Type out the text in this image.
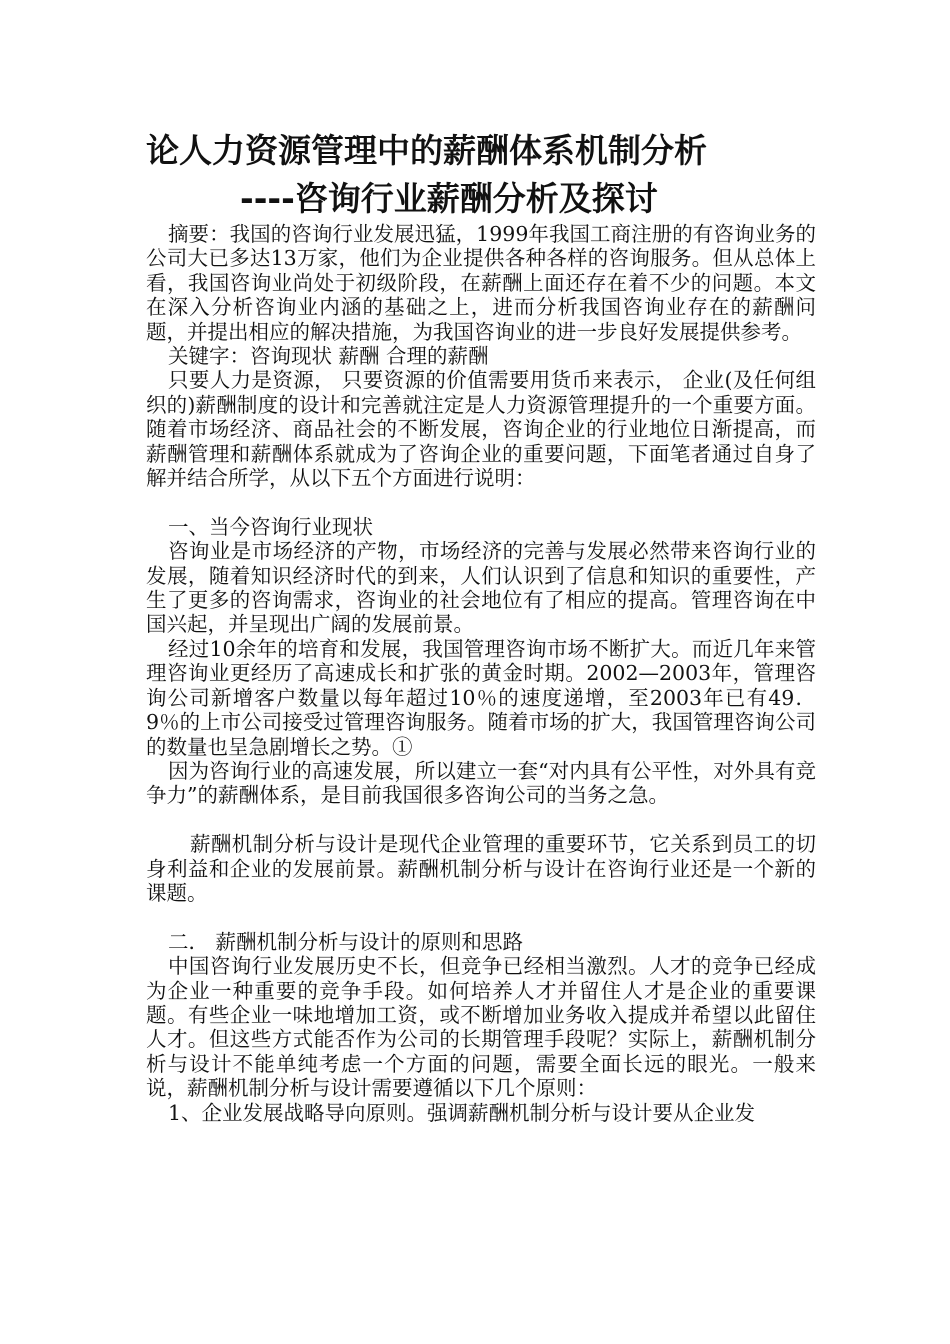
论人力资源管理中的薪酬体系机制分析
----咨询行业薪酬分析及探讨

摘要：我国的咨询行业发展迅猛，1999年我国工商注册的有咨询业务的公司大已多达13万家，他们为企业提供各种各样的咨询服务。但从总体上看，我国咨询业尚处于初级阶段，在薪酬上面还存在着不少的问题。本文在深入分析咨询业内涵的基础之上，进而分析我国咨询业存在的薪酬问题，并提出相应的解决措施，为我国咨询业的进一步良好发展提供参考。

关键字：咨询现状 薪酬 合理的薪酬

只要人力是资源， 只要资源的价值需要用货币来表示， 企业(及任何组织的)薪酬制度的设计和完善就注定是人力资源管理提升的一个重要方面。随着市场经济、商品社会的不断发展，咨询企业的行业地位日渐提高，而薪酬管理和薪酬体系就成为了咨询企业的重要问题，下面笔者通过自身了解并结合所学，从以下五个方面进行说明：

一、当今咨询行业现状

咨询业是市场经济的产物，市场经济的完善与发展必然带来咨询行业的发展，随着知识经济时代的到来，人们认识到了信息和知识的重要性，产生了更多的咨询需求，咨询业的社会地位有了相应的提高。管理咨询在中国兴起，并呈现出广阔的发展前景。

经过10余年的培育和发展，我国管理咨询市场不断扩大。而近几年来管理咨询业更经历了高速成长和扩张的黄金时期。2002—2003年，管理咨询公司新增客户数量以每年超过10％的速度递增，至2003年已有49．9％的上市公司接受过管理咨询服务。随着市场的扩大，我国管理咨询公司的数量也呈急剧增长之势。①

因为咨询行业的高速发展，所以建立一套“对内具有公平性，对外具有竞争力”的薪酬体系，是目前我国很多咨询公司的当务之急。

薪酬机制分析与设计是现代企业管理的重要环节，它关系到员工的切身利益和企业的发展前景。薪酬机制分析与设计在咨询行业还是一个新的课题。

二． 薪酬机制分析与设计的原则和思路

中国咨询行业发展历史不长，但竞争已经相当激烈。人才的竞争已经成为企业一种重要的竞争手段。如何培养人才并留住人才是企业的重要课题。有些企业一味地增加工资，或不断增加业务收入提成并希望以此留住人才。但这些方式能否作为公司的长期管理手段呢？实际上，薪酬机制分析与设计不能单纯考虑一个方面的问题，需要全面长远的眼光。一般来说，薪酬机制分析与设计需要遵循以下几个原则：

1、企业发展战略导向原则。强调薪酬机制分析与设计要从企业发
